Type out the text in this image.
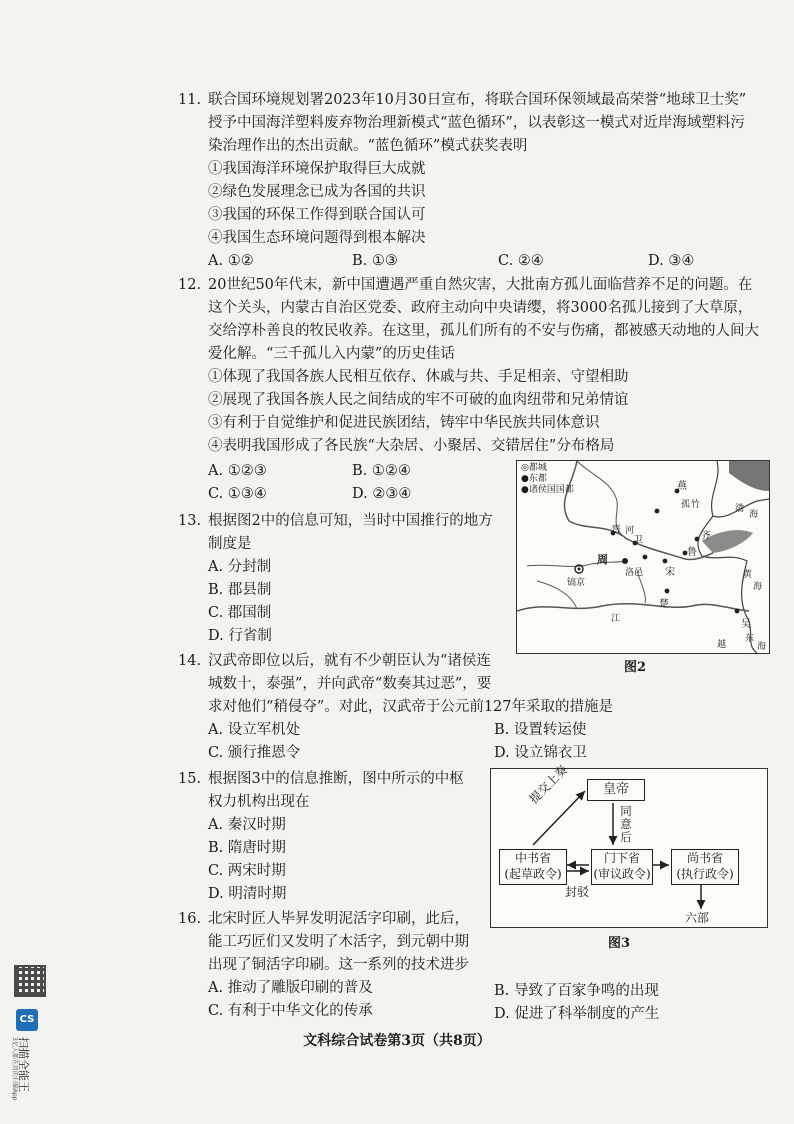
11. 联合国环境规划署2023年10月30日宣布，将联合国环保领域最高荣誉“地球卫士奖”
授予中国海洋塑料废弃物治理新模式“蓝色循环”，以表彰这一模式对近岸海域塑料污
染治理作出的杰出贡献。“蓝色循环”模式获奖表明
①我国海洋环境保护取得巨大成就
②绿色发展理念已成为各国的共识
③我国的环保工作得到联合国认可
④我国生态环境问题得到根本解决
A. ①②	B. ①③	C. ②④	D. ③④
12. 20世纪50年代末，新中国遭遇严重自然灾害，大批南方孤儿面临营养不足的问题。在
这个关头，内蒙古自治区党委、政府主动向中央请缨，将3000名孤儿接到了大草原，
交给淳朴善良的牧民收养。在这里，孤儿们所有的不安与伤痛，都被感天动地的人间大
爱化解。“三千孤儿入内蒙”的历史佳话
①体现了我国各族人民相互依存、休戚与共、手足相亲、守望相助
②展现了我国各族人民之间结成的牢不可破的血肉纽带和兄弟情谊
③有利于自觉维护和促进民族团结，铸牢中华民族共同体意识
④表明我国形成了各民族“大杂居、小聚居、交错居住”分布格局
A. ①②③	B. ①②④
C. ①③④	D. ②③④
13. 根据图2中的信息可知，当时中国推行的地方
制度是
A. 分封制
B. 郡县制
C. 郡国制
D. 行省制
◎都城
●东都
●诸侯国国都	燕
齐
鲁
卫
宋
晋
周
镐京
洛邑
楚
吴
江
河
渤
海
黄
海
东
海
孤 竹
越
图2
14. 汉武帝即位以后，就有不少朝臣认为“诸侯连
城数十，泰强”，并向武帝“数奏其过恶”，要
求对他们“稍侵夺”。对此，汉武帝于公元前127年采取的措施是
A. 设立军机处	B. 设置转运使
C. 颁行推恩令	D. 设立锦衣卫
15. 根据图3中的信息推断，图中所示的中枢
权力机构出现在
A. 秦汉时期
B. 隋唐时期
C. 两宋时期
D. 明清时期
皇帝
中书省
(起草政令)
门下省
(审议政令)
尚书省
(执行政令)
提交上奏
同意后
封驳
六部
图3
16. 北宋时匠人毕昇发明泥活字印刷，此后，
能工巧匠们又发明了木活字，到元朝中期
出现了铜活字印刷。这一系列的技术进步
A. 推动了雕版印刷的普及	B. 导致了百家争鸣的出现
C. 有利于中华文化的传承	D. 促进了科举制度的产生
文科综合试卷第3页（共8页）
CS
扫描全能王
3亿人都在用的扫描App
